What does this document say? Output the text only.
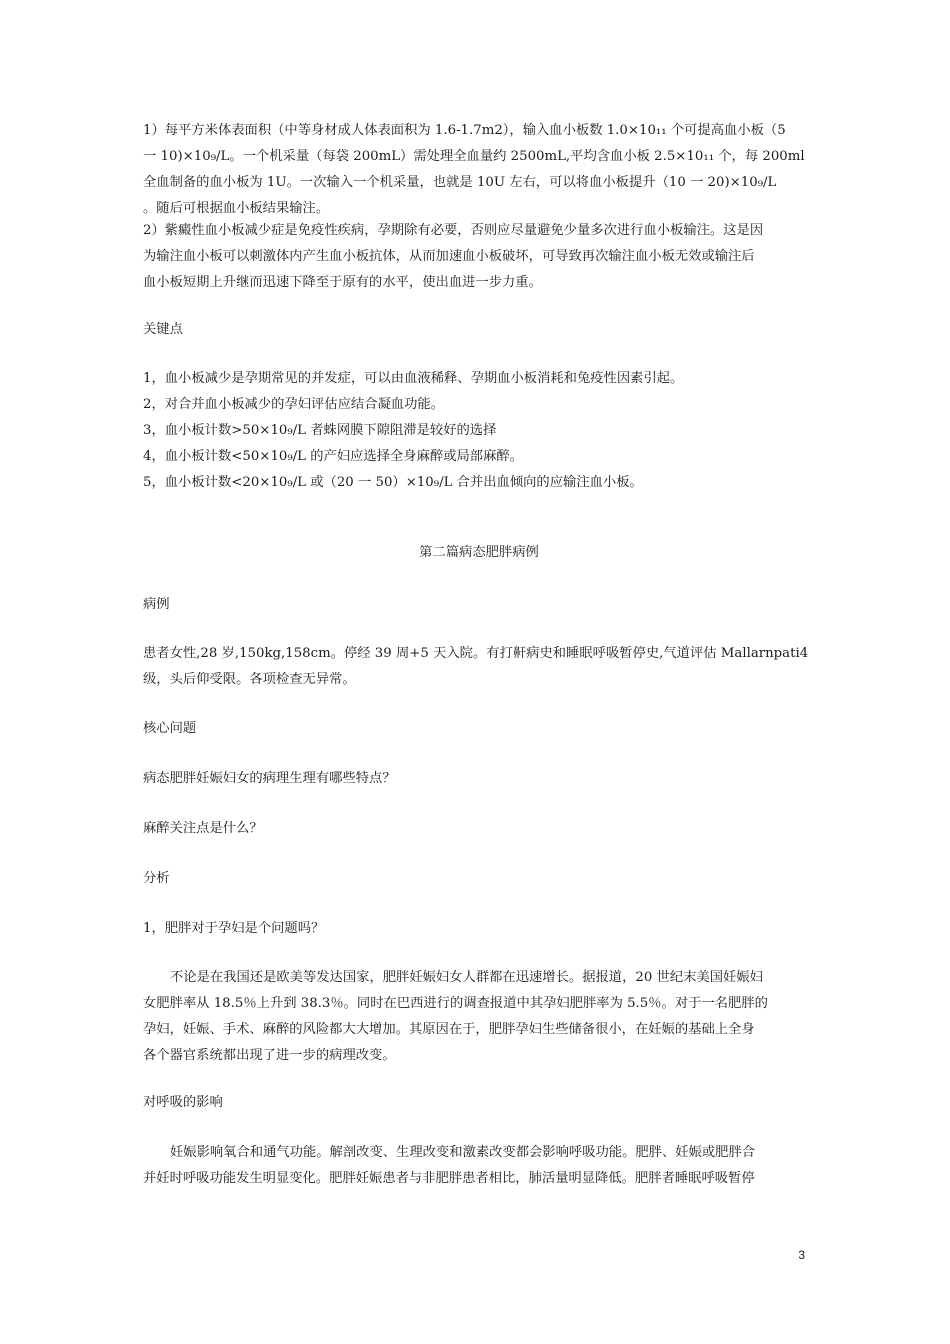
1）每平方米体表面积（中等身材成人体表面积为 1.6-1.7m2），输入血小板数 1.0×10₁₁ 个可提高血小板（5
一 10)×10₉/L。一个机采量（每袋 200mL）需处理全血量约 2500mL,平均含血小板 2.5×10₁₁ 个，每 200ml
全血制备的血小板为 1U。一次输入一个机采量，也就是 10U 左右，可以将血小板提升（10 一 20)×10₉/L
。随后可根据血小板结果输注。
2）紫癜性血小板减少症是免疫性疾病，孕期除有必要，否则应尽量避免少量多次进行血小板输注。这是因
为输注血小板可以刺激体内产生血小板抗体，从而加速血小板破坏，可导致再次输注血小板无效或输注后
血小板短期上升继而迅速下降至于原有的水平，使出血进一步力重。
关键点
1，血小板减少是孕期常见的并发症，可以由血液稀释、孕期血小板消耗和兔疫性因素引起。
2，对合并血小板减少的孕妇评估应结合凝血功能。
3，血小板计数>50×10₉/L 者蛛网膜下隙阻滞是较好的选择
4，血小板计数<50×10₉/L 的产妇应选择全身麻醉或局部麻醉。
5，血小板计数<20×10₉/L 或（20 一 50）×10₉/L 合并出血倾向的应输注血小板。
第二篇病态肥胖病例
病例
患者女性,28 岁,150kg,158cm。停经 39 周+5 天入院。有打鼾病史和睡眠呼吸暂停史,气道评估 Mallarnpati4
级，头后仰受限。各项检查无异常。
核心问题
病态肥胖妊娠妇女的病理生理有哪些特点？
麻醉关注点是什么？
分析
1，肥胖对于孕妇是个问题吗？
不论是在我国还是欧美等发达国家，肥胖妊娠妇女人群都在迅速增长。据报道，20 世纪末美国妊娠妇
女肥胖率从 18.5％上升到 38.3％。同时在巴西进行的调查报道中其孕妇肥胖率为 5.5％。对于一名肥胖的
孕妇，妊娠、手术、麻醉的风险都大大增加。其原因在于，肥胖孕妇生些储备很小，在妊娠的基础上全身
各个器官系统都出现了进一步的病理改变。
对呼吸的影响
妊娠影响氧合和通气功能。解剖改变、生理改变和激素改变都会影响呼吸功能。肥胖、妊娠或肥胖合
并妊时呼吸功能发生明显变化。肥胖妊娠患者与非肥胖患者相比，肺活量明显降低。肥胖者睡眠呼吸暂停
3
